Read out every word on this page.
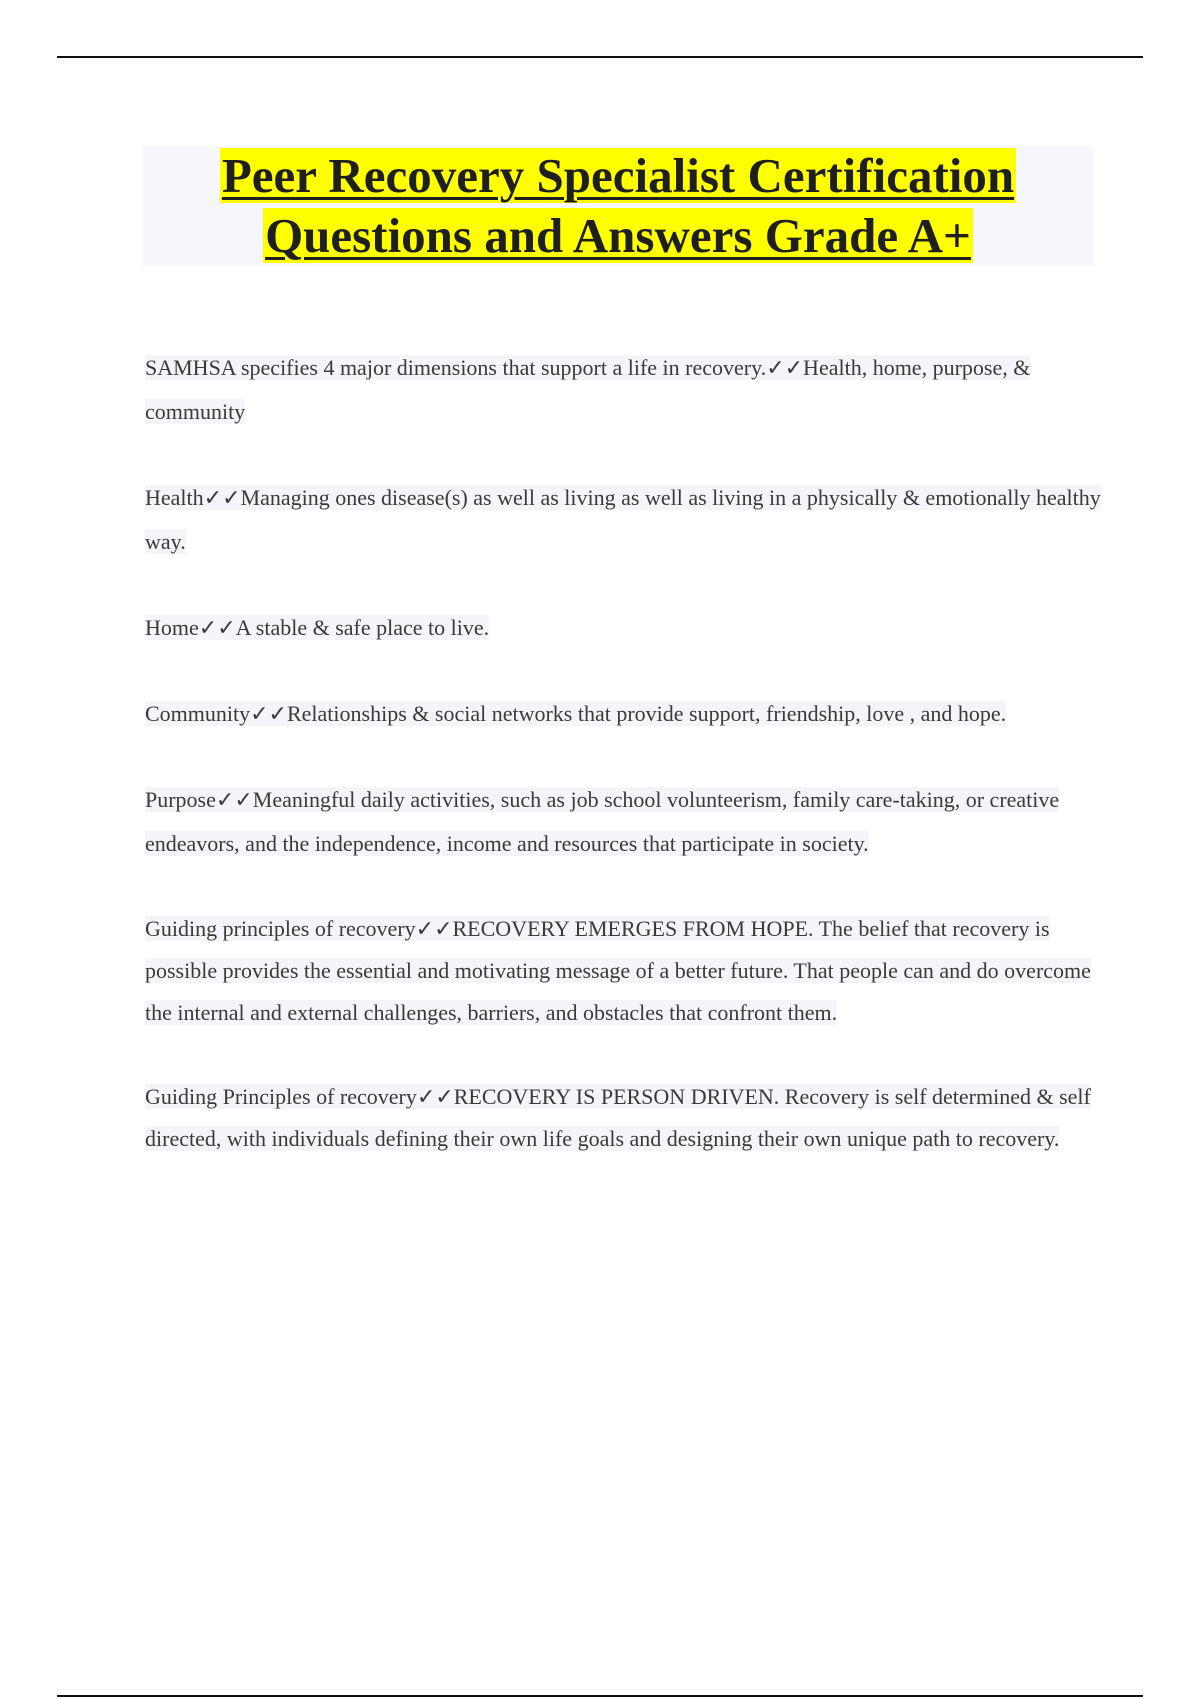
Peer Recovery Specialist Certification
Questions and Answers Grade A+

SAMHSA specifies 4 major dimensions that support a life in recovery.✓✓Health, home, purpose, & community

Health✓✓Managing ones disease(s) as well as living as well as living in a physically & emotionally healthy way.

Home✓✓A stable & safe place to live.

Community✓✓Relationships & social networks that provide support, friendship, love , and hope.

Purpose✓✓Meaningful daily activities, such as job school volunteerism, family care-taking, or creative endeavors, and the independence, income and resources that participate in society.

Guiding principles of recovery✓✓RECOVERY EMERGES FROM HOPE. The belief that recovery is possible provides the essential and motivating message of a better future. That people can and do overcome the internal and external challenges, barriers, and obstacles that confront them.

Guiding Principles of recovery✓✓RECOVERY IS PERSON DRIVEN. Recovery is self determined & self directed, with individuals defining their own life goals and designing their own unique path to recovery.
